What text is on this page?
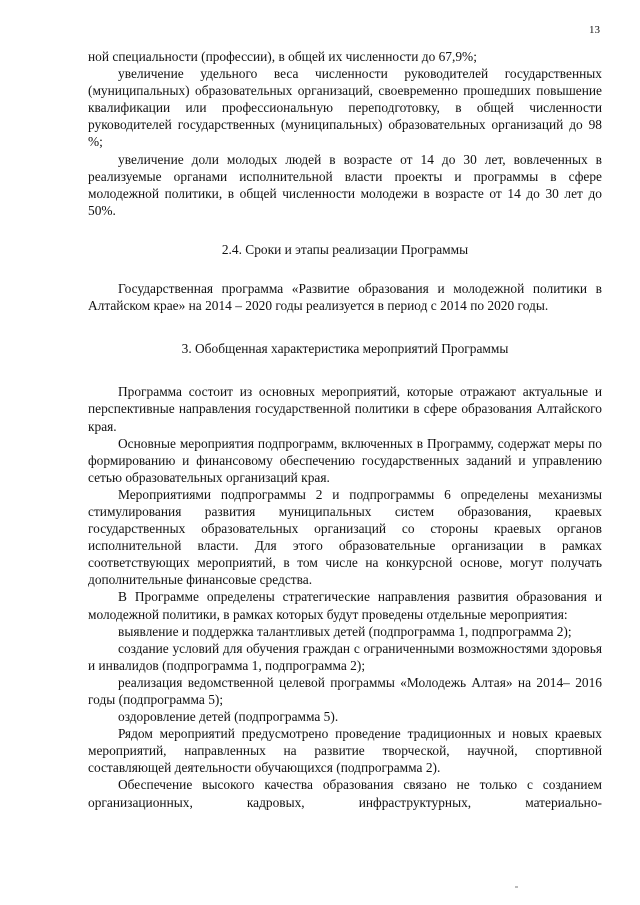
13

ной специальности (профессии), в общей их численности до 67,9%;

увеличение удельного веса численности руководителей государственных (муниципальных) образовательных организаций, своевременно прошедших повышение квалификации или профессиональную переподготовку, в общей численности руководителей государственных (муниципальных) образовательных организаций до 98 %;

увеличение доли молодых людей в возрасте от 14 до 30 лет, вовлеченных в реализуемые органами исполнительной власти проекты и программы в сфере молодежной политики, в общей численности молодежи в возрасте от 14 до 30 лет до 50%.

2.4. Сроки и этапы реализации Программы

Государственная программа «Развитие образования и молодежной политики в Алтайском крае» на 2014 – 2020 годы реализуется в период с 2014 по 2020 годы.

3. Обобщенная характеристика мероприятий Программы

Программа состоит из основных мероприятий, которые отражают актуальные и перспективные направления государственной политики в сфере образования Алтайского края.

Основные мероприятия подпрограмм, включенных в Программу, содержат меры по формированию и финансовому обеспечению государственных заданий и управлению сетью образовательных организаций края.

Мероприятиями подпрограммы 2 и подпрограммы 6 определены механизмы стимулирования развития муниципальных систем образования, краевых государственных образовательных организаций со стороны краевых органов исполнительной власти. Для этого образовательные организации в рамках соответствующих мероприятий, в том числе на конкурсной основе, могут получать дополнительные финансовые средства.

В Программе определены стратегические направления развития образования и молодежной политики, в рамках которых будут проведены отдельные мероприятия:

выявление и поддержка талантливых детей (подпрограмма 1, подпрограмма 2);

создание условий для обучения граждан с ограниченными возможностями здоровья и инвалидов (подпрограмма 1, подпрограмма 2);

реализация ведомственной целевой программы «Молодежь Алтая» на 2014– 2016 годы (подпрограмма 5);

оздоровление детей (подпрограмма 5).

Рядом мероприятий предусмотрено проведение традиционных и новых краевых мероприятий, направленных на развитие творческой, научной, спортивной составляющей деятельности обучающихся (подпрограмма 2).

Обеспечение высокого качества образования связано не только с созданием организационных, кадровых, инфраструктурных, материально-
